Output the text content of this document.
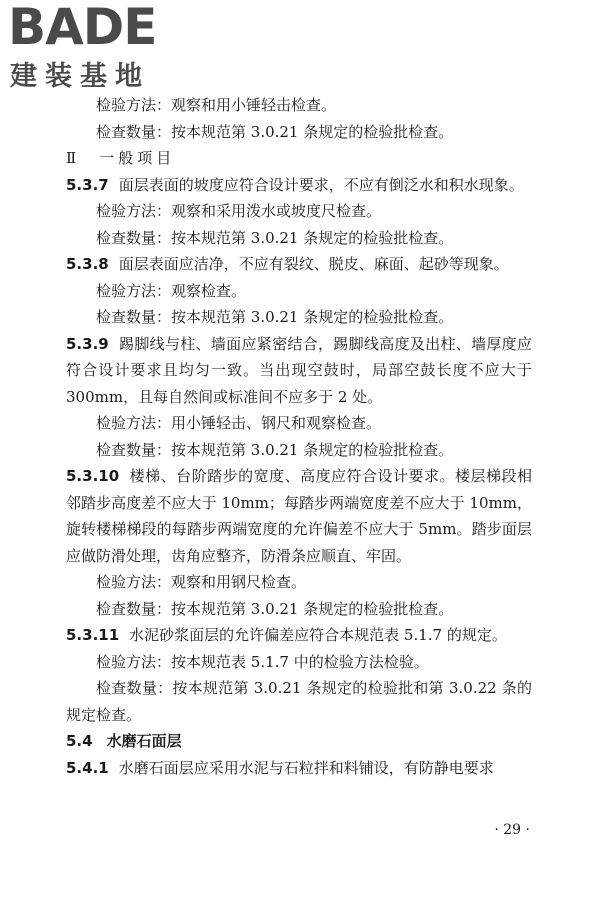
BADE
建装基地

检验方法：观察和用小锤轻击检查。

检查数量：按本规范第 3.0.21 条规定的检验批检查。

Ⅱ　一般项目

5.3.7 面层表面的坡度应符合设计要求，不应有倒泛水和积水现象。

检验方法：观察和采用泼水或坡度尺检查。

检查数量：按本规范第 3.0.21 条规定的检验批检查。

5.3.8 面层表面应洁净，不应有裂纹、脱皮、麻面、起砂等现象。

检验方法：观察检查。

检查数量：按本规范第 3.0.21 条规定的检验批检查。

5.3.9 踢脚线与柱、墙面应紧密结合，踢脚线高度及出柱、墙厚度应符合设计要求且均匀一致。当出现空鼓时，局部空鼓长度不应大于 300mm，且每自然间或标准间不应多于 2 处。

检验方法：用小锤轻击、钢尺和观察检查。

检查数量：按本规范第 3.0.21 条规定的检验批检查。

5.3.10 楼梯、台阶踏步的宽度、高度应符合设计要求。楼层梯段相邻踏步高度差不应大于 10mm；每踏步两端宽度差不应大于 10mm，旋转楼梯梯段的每踏步两端宽度的允许偏差不应大于 5mm。踏步面层应做防滑处理，齿角应整齐，防滑条应顺直、牢固。

检验方法：观察和用钢尺检查。

检查数量：按本规范第 3.0.21 条规定的检验批检查。

5.3.11 水泥砂浆面层的允许偏差应符合本规范表 5.1.7 的规定。

检验方法：按本规范表 5.1.7 中的检验方法检验。

检查数量：按本规范第 3.0.21 条规定的检验批和第 3.0.22 条的规定检查。

5.4 水磨石面层

5.4.1 水磨石面层应采用水泥与石粒拌和料铺设，有防静电要求

· 29 ·
